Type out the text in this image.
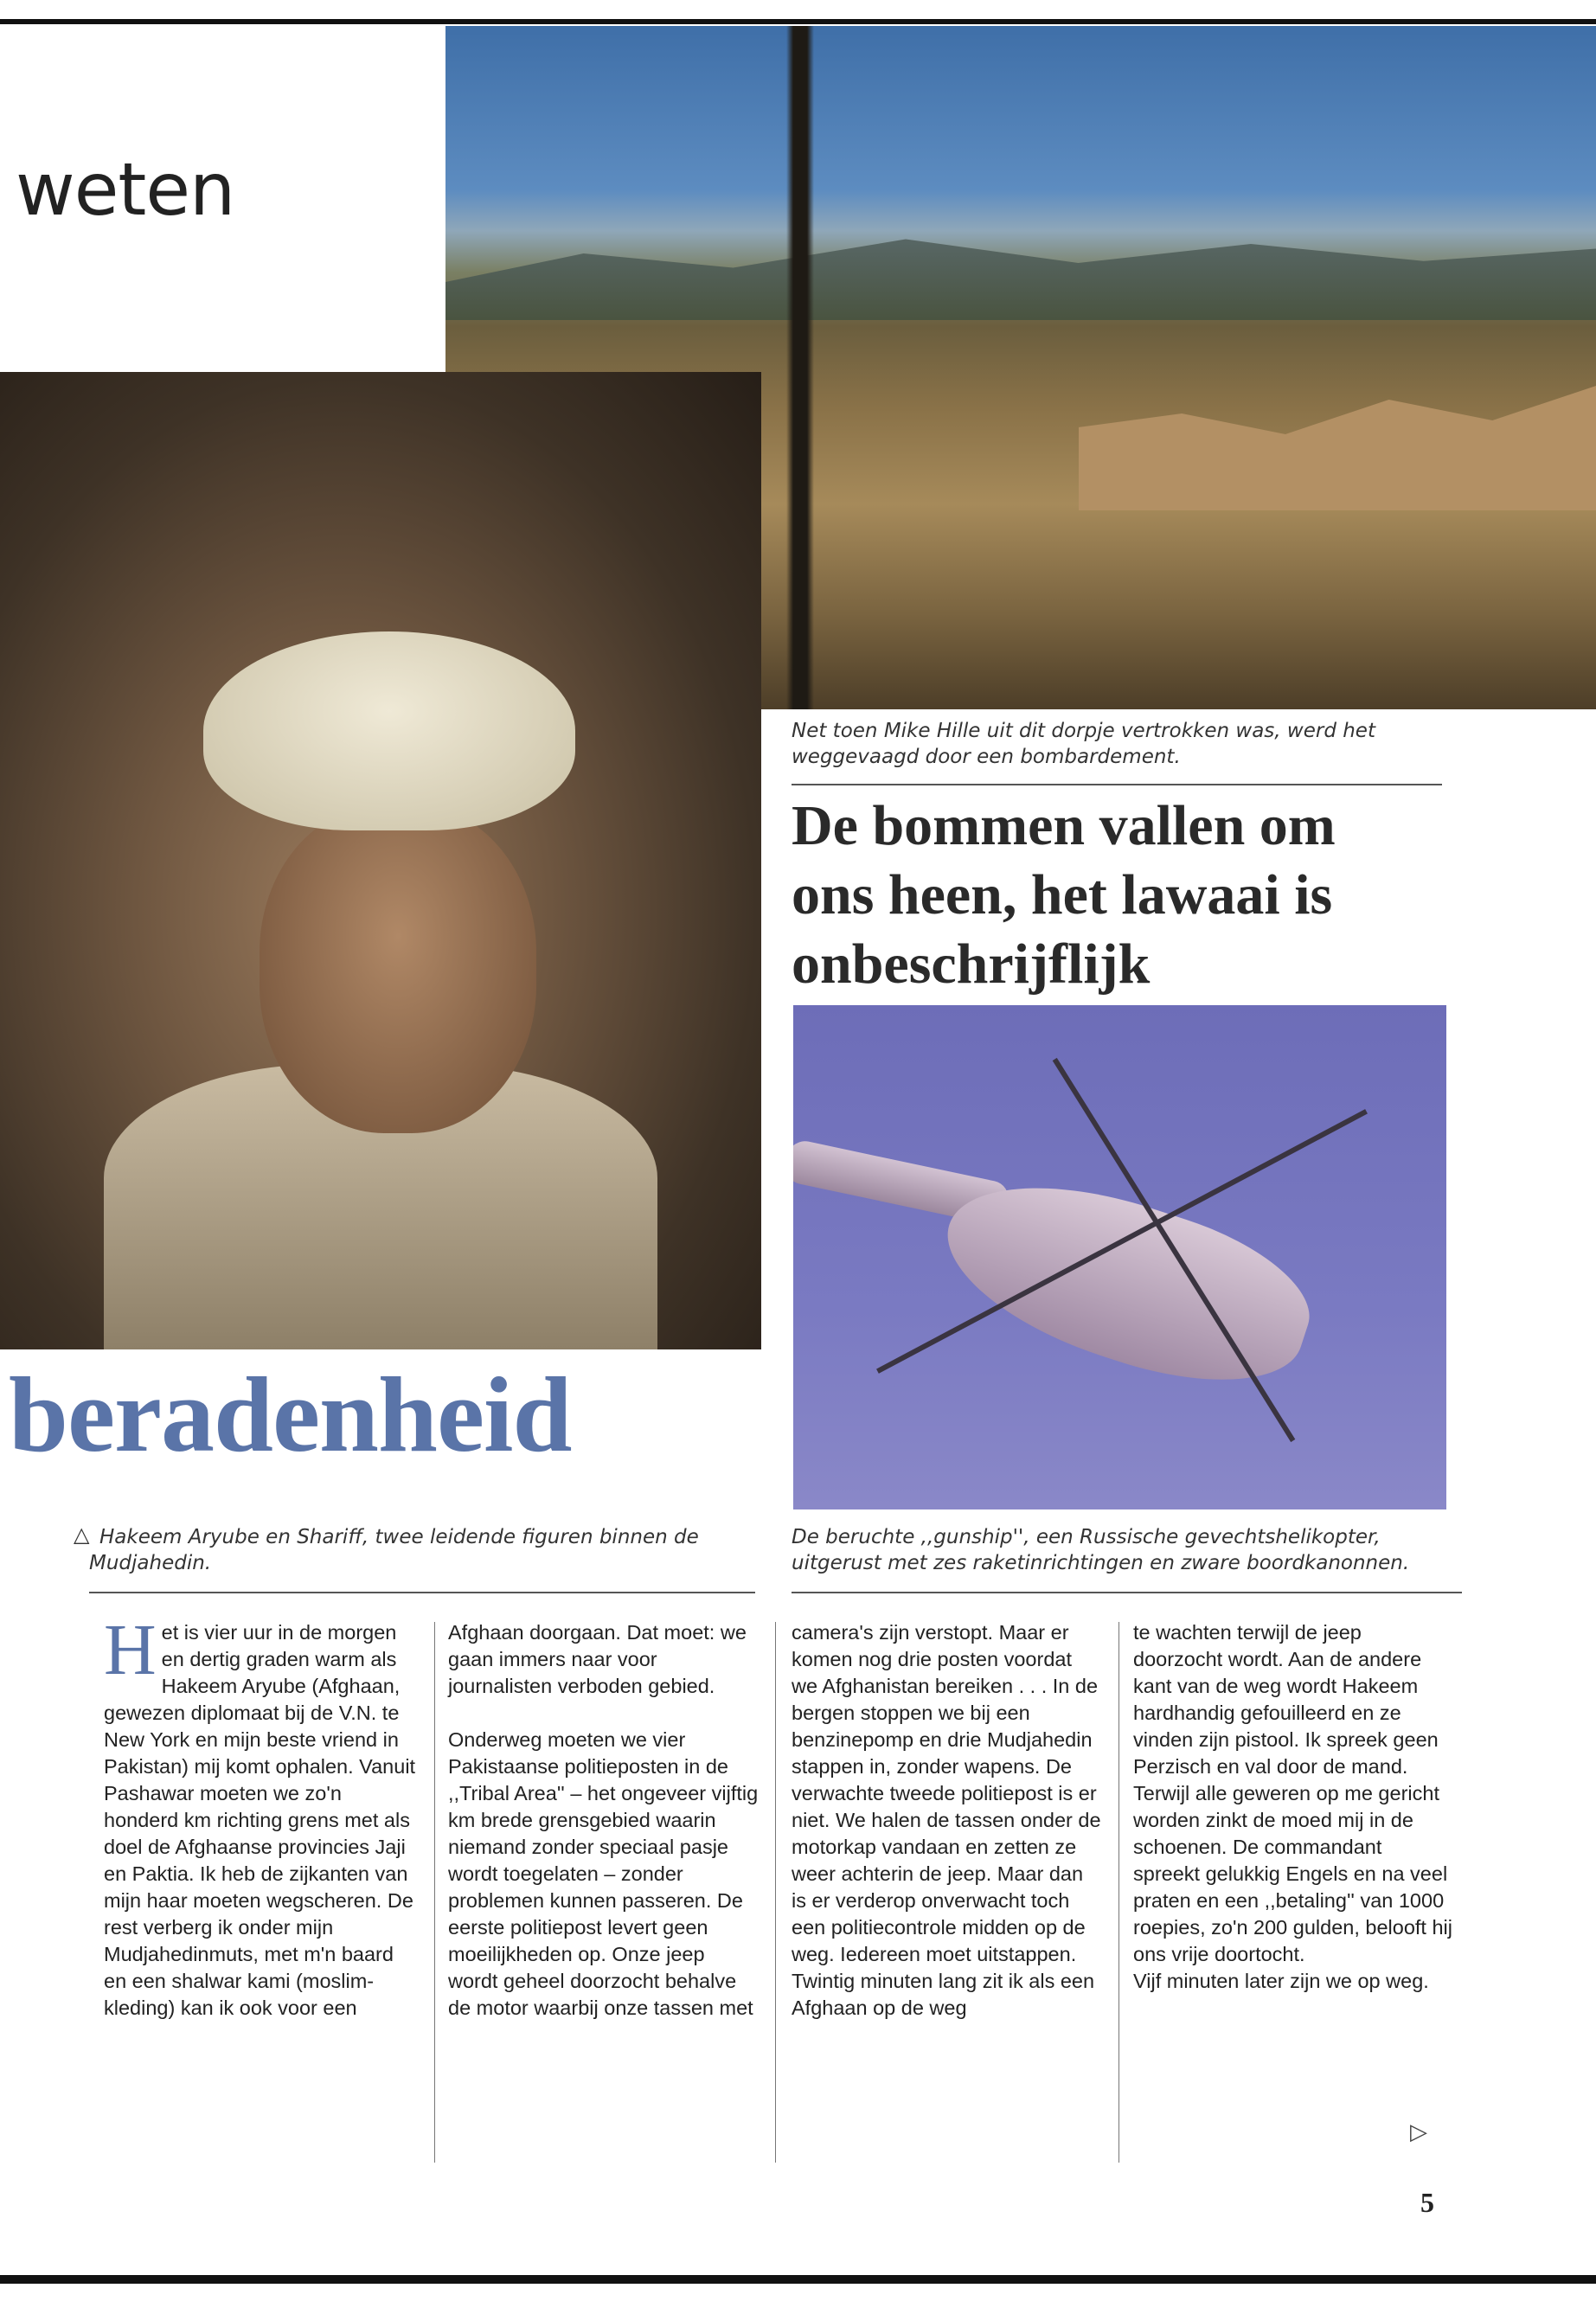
weten
Net toen Mike Hille uit dit dorpje vertrokken was, werd het weggevaagd door een bombardement.
De bommen vallen om
ons heen, het lawaai is
onbeschrijflijk
beradenheid
△ Hakeem Aryube en Shariff, twee leidende figuren binnen de Mudjahedin.
De beruchte ,,gunship'', een Russische gevechtshelikopter, uitgerust met zes raketinrichtingen en zware boordkanonnen.
H et is vier uur in de morgen en dertig graden warm als Hakeem Aryube (Afghaan, gewezen diplomaat bij de V.N. te New York en mijn beste vriend in Pakistan) mij komt ophalen. Vanuit Pashawar moeten we zo'n honderd km richting grens met als doel de Afghaanse provincies Jaji en Paktia. Ik heb de zijkanten van mijn haar moeten wegscheren. De rest verberg ik onder mijn Mudjahedinmuts, met m'n baard en een shalwar kami (moslim-kleding) kan ik ook voor een

Afghaan doorgaan. Dat moet: we gaan immers naar voor journalisten verboden gebied.

Onderweg moeten we vier Pakistaanse politieposten in de ,,Tribal Area'' – het ongeveer vijftig km brede grensgebied waarin niemand zonder speciaal pasje wordt toegelaten – zonder problemen kunnen passeren. De eerste politiepost levert geen moeilijkheden op. Onze jeep wordt geheel doorzocht behalve de motor waarbij onze tassen met

camera's zijn verstopt. Maar er komen nog drie posten voordat we Afghanistan bereiken . . . In de bergen stoppen we bij een benzinepomp en drie Mudjahedin stappen in, zonder wapens. De verwachte tweede politiepost is er niet. We halen de tassen onder de motorkap vandaan en zetten ze weer achterin de jeep. Maar dan is er verderop onverwacht toch een politiecontrole midden op de weg. Iedereen moet uitstappen. Twintig minuten lang zit ik als een Afghaan op de weg

te wachten terwijl de jeep doorzocht wordt. Aan de andere kant van de weg wordt Hakeem hardhandig gefouilleerd en ze vinden zijn pistool. Ik spreek geen Perzisch en val door de mand. Terwijl alle geweren op me gericht worden zinkt de moed mij in de schoenen. De commandant spreekt gelukkig Engels en na veel praten en een ,,betaling'' van 1000 roepies, zo'n 200 gulden, belooft hij ons vrije doortocht.

Vijf minuten later zijn we op weg.

▷
5
